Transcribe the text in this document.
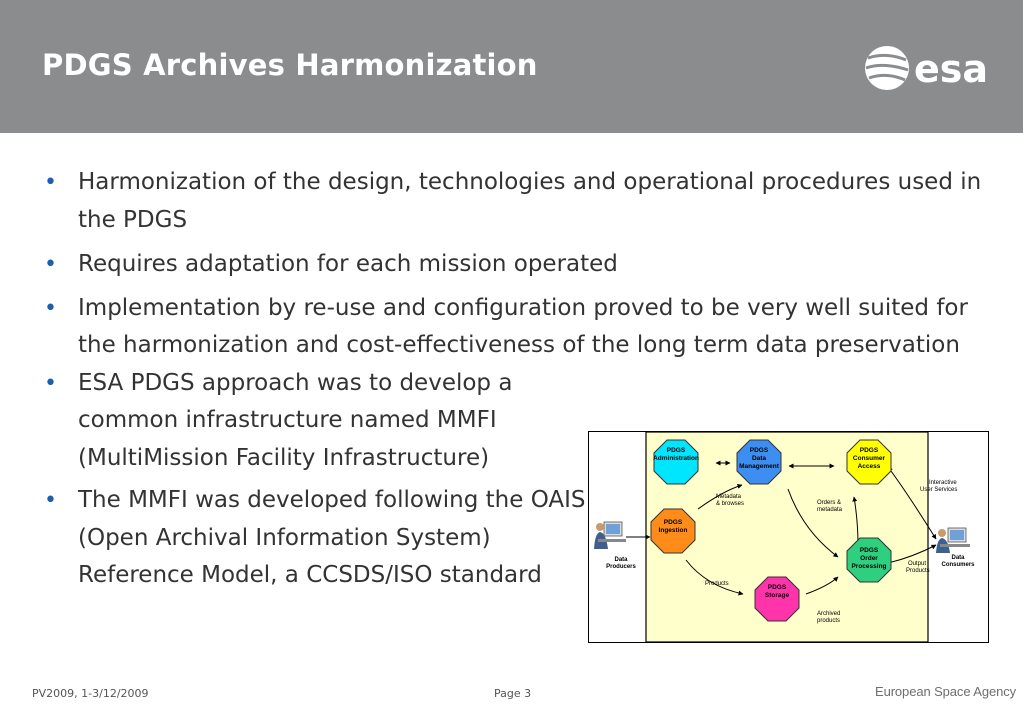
PDGS Archives Harmonization	esa
• Harmonization of the design, technologies and operational procedures used in the PDGS
• Requires adaptation for each mission operated
• Implementation by re-use and configuration proved to be very well suited for the harmonization and cost-effectiveness of the long term data preservation
• ESA PDGS approach was to develop a common infrastructure named MMFI (MultiMission Facility Infrastructure)
• The MMFI was developed following the OAIS (Open Archival Information System) Reference Model, a CCSDS/ISO standard
PDGS
Administration
PDGS
Data
Management
PDGS
Consumer
Access
PDGS
Ingestion
PDGS
Order
Processing
PDGS
Storage
Metadata
& browses	Orders &
metadata
Interactive
User Services
Output
Products
Products
Archived
products
Data
Producers
Data
Consumers
PV2009, 1-3/12/2009	Page 3	European Space Agency
